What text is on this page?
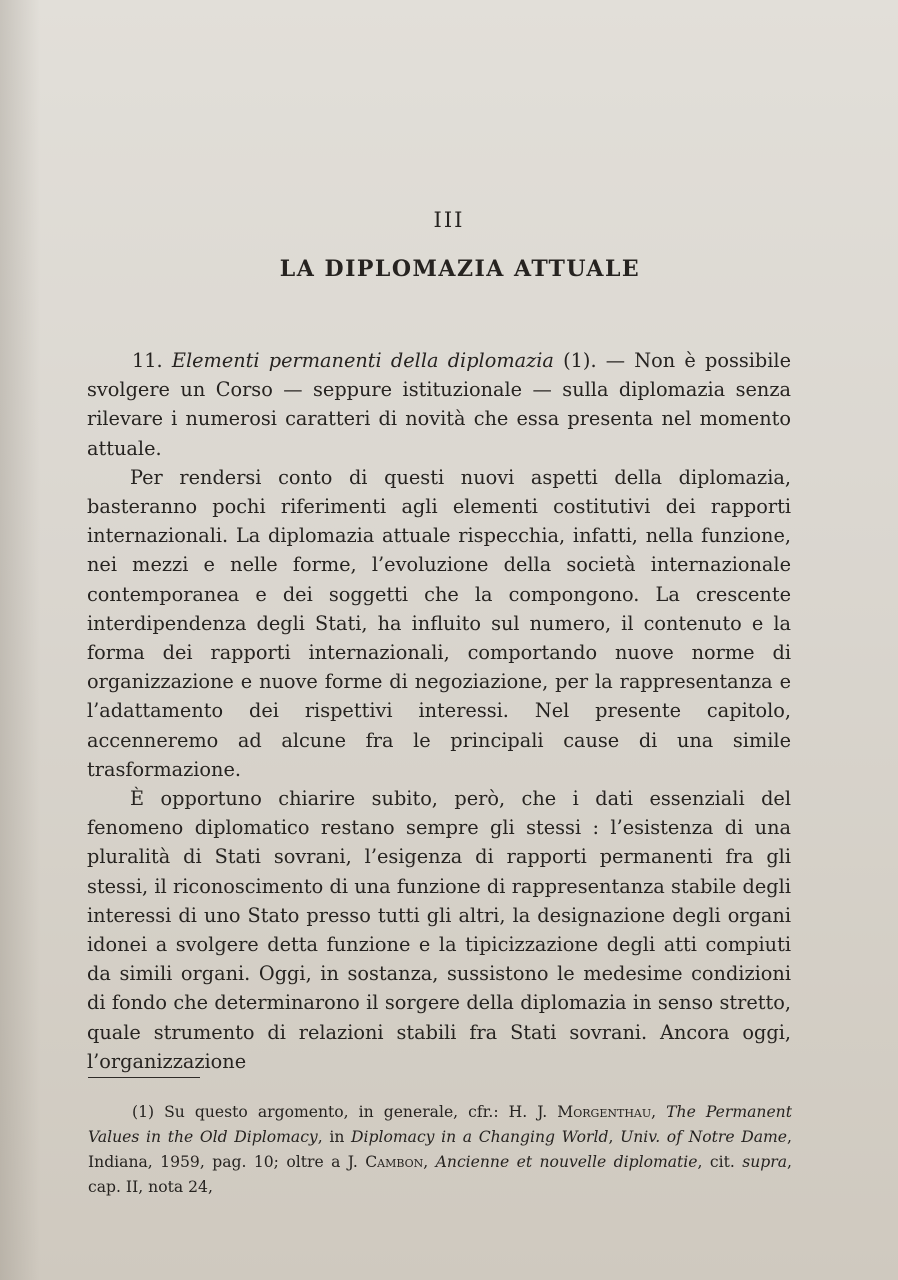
III
LA DIPLOMAZIA ATTUALE

11. Elementi permanenti della diplomazia (1). — Non è possibile svolgere un Corso — seppure istituzionale — sulla diplomazia senza rilevare i numerosi caratteri di novità che essa presenta nel momento attuale.

Per rendersi conto di questi nuovi aspetti della diplomazia, basteranno pochi riferimenti agli elementi costitutivi dei rapporti internazionali. La diplomazia attuale rispecchia, infatti, nella funzione, nei mezzi e nelle forme, l’evoluzione della società internazionale contemporanea e dei soggetti che la compongono. La crescente interdipendenza degli Stati, ha influito sul numero, il contenuto e la forma dei rapporti internazionali, comportando nuove norme di organizzazione e nuove forme di negoziazione, per la rappresentanza e l’adattamento dei rispettivi interessi. Nel presente capitolo, accenneremo ad alcune fra le principali cause di una simile trasformazione.

È opportuno chiarire subito, però, che i dati essenziali del fenomeno diplomatico restano sempre gli stessi : l’esistenza di una pluralità di Stati sovrani, l’esigenza di rapporti permanenti fra gli stessi, il riconoscimento di una funzione di rappresentanza stabile degli interessi di uno Stato presso tutti gli altri, la designazione degli organi idonei a svolgere detta funzione e la tipicizzazione degli atti compiuti da simili organi. Oggi, in sostanza, sussistono le medesime condizioni di fondo che determinarono il sorgere della diplomazia in senso stretto, quale strumento di relazioni stabili fra Stati sovrani. Ancora oggi, l’organizzazione

(1) Su questo argomento, in generale, cfr.: H. J. Morgenthau, The Permanent Values in the Old Diplomacy, in Diplomacy in a Changing World, Univ. of Notre Dame, Indiana, 1959, pag. 10; oltre a J. Cambon, Ancienne et nouvelle diplomatie, cit. supra, cap. II, nota 24,
